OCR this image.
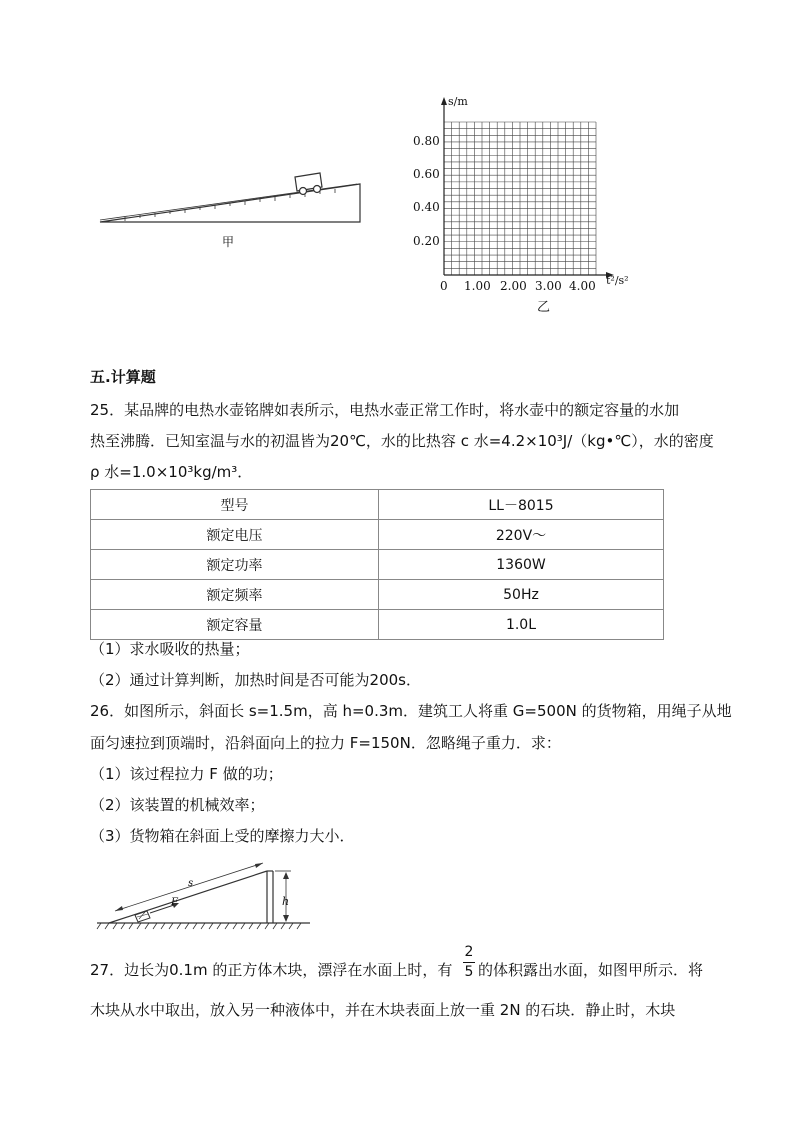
甲
s/m
t²/s²
0
0.80
0.60
0.40
0.20
1.00 2.00 3.00 4.00
乙
五.计算题
25．某品牌的电热水壶铭牌如表所示，电热水壶正常工作时，将水壶中的额定容量的水加
热至沸腾．已知室温与水的初温皆为20℃，水的比热容 c 水=4.2×10³J/（kg•℃），水的密度
ρ 水=1.0×10³kg/m³．
型号	LL－8015
额定电压	220V～
额定功率	1360W
额定频率	50Hz
额定容量	1.0L
（1）求水吸收的热量；
（2）通过计算判断，加热时间是否可能为200s．
26．如图所示，斜面长 s=1.5m，高 h=0.3m．建筑工人将重 G=500N 的货物箱，用绳子从地
面匀速拉到顶端时，沿斜面向上的拉力 F=150N．忽略绳子重力．求：
（1）该过程拉力 F 做的功；
（2）该装置的机械效率；
（3）货物箱在斜面上受的摩擦力大小．
s
h
F
27．边长为0.1m 的正方体木块，漂浮在水面上时，有
2
5 的体积露出水面，如图甲所示．将
木块从水中取出，放入另一种液体中，并在木块表面上放一重 2N 的石块．静止时，木块
